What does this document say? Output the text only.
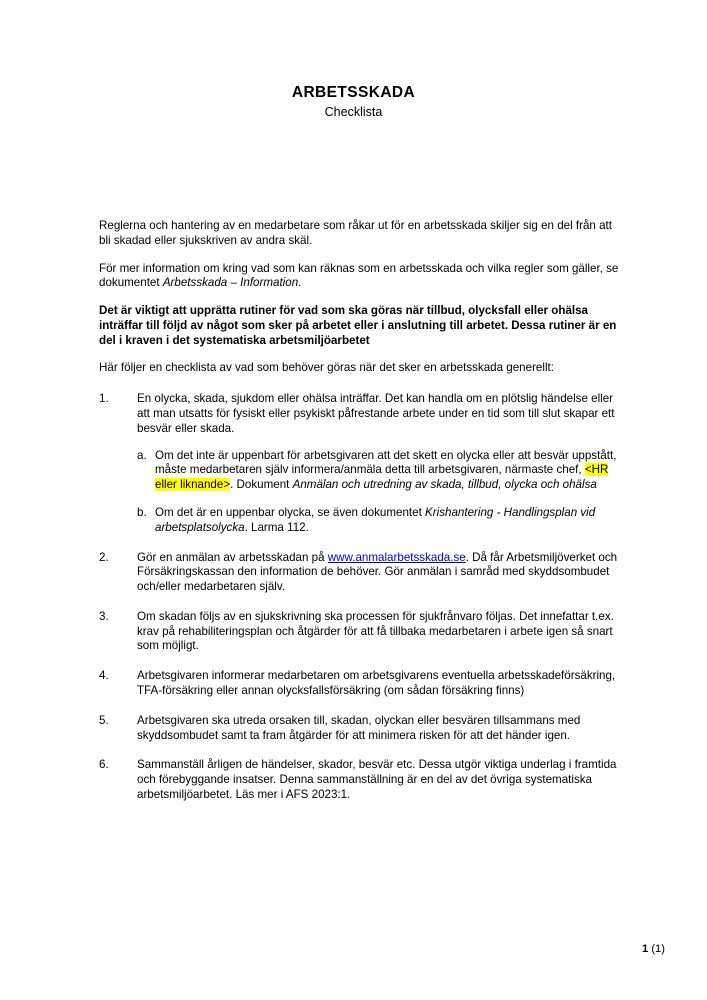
ARBETSSKADA
Checklista

Reglerna och hantering av en medarbetare som råkar ut för en arbetsskada skiljer sig en del från att bli skadad eller sjukskriven av andra skäl.

För mer information om kring vad som kan räknas som en arbetsskada och vilka regler som gäller, se dokumentet Arbetsskada – Information.

Det är viktigt att upprätta rutiner för vad som ska göras när tillbud, olycksfall eller ohälsa inträffar till följd av något som sker på arbetet eller i anslutning till arbetet. Dessa rutiner är en del i kraven i det systematiska arbetsmiljöarbetet

Här följer en checklista av vad som behöver göras när det sker en arbetsskada generellt:

1.	En olycka, skada, sjukdom eller ohälsa inträffar. Det kan handla om en plötslig händelse eller att man utsatts för fysiskt eller psykiskt påfrestande arbete under en tid som till slut skapar ett besvär eller skada.
a. Om det inte är uppenbart för arbetsgivaren att det skett en olycka eller att besvär uppstått, måste medarbetaren själv informera/anmäla detta till arbetsgivaren, närmaste chef, <HR eller liknande>. Dokument Anmälan och utredning av skada, tillbud, olycka och ohälsa
b. Om det är en uppenbar olycka, se även dokumentet Krishantering - Handlingsplan vid arbetsplatsolycka. Larma 112.
2.	Gör en anmälan av arbetsskadan på www.anmalarbetsskada.se. Då får Arbetsmiljöverket och Försäkringskassan den information de behöver. Gör anmälan i samråd med skyddsombudet och/eller medarbetaren själv.
3.	Om skadan följs av en sjukskrivning ska processen för sjukfrånvaro följas. Det innefattar t.ex. krav på rehabiliteringsplan och åtgärder för att få tillbaka medarbetaren i arbete igen så snart som möjligt.
4.	Arbetsgivaren informerar medarbetaren om arbetsgivarens eventuella arbetsskadeförsäkring, TFA-försäkring eller annan olycksfallsförsäkring (om sådan försäkring finns)
5.	Arbetsgivaren ska utreda orsaken till, skadan, olyckan eller besvären tillsammans med skyddsombudet samt ta fram åtgärder för att minimera risken för att det händer igen.
6.	Sammanställ årligen de händelser, skador, besvär etc. Dessa utgör viktiga underlag i framtida och förebyggande insatser. Denna sammanställning är en del av det övriga systematiska arbetsmiljöarbetet. Läs mer i AFS 2023:1.
1 (1)
